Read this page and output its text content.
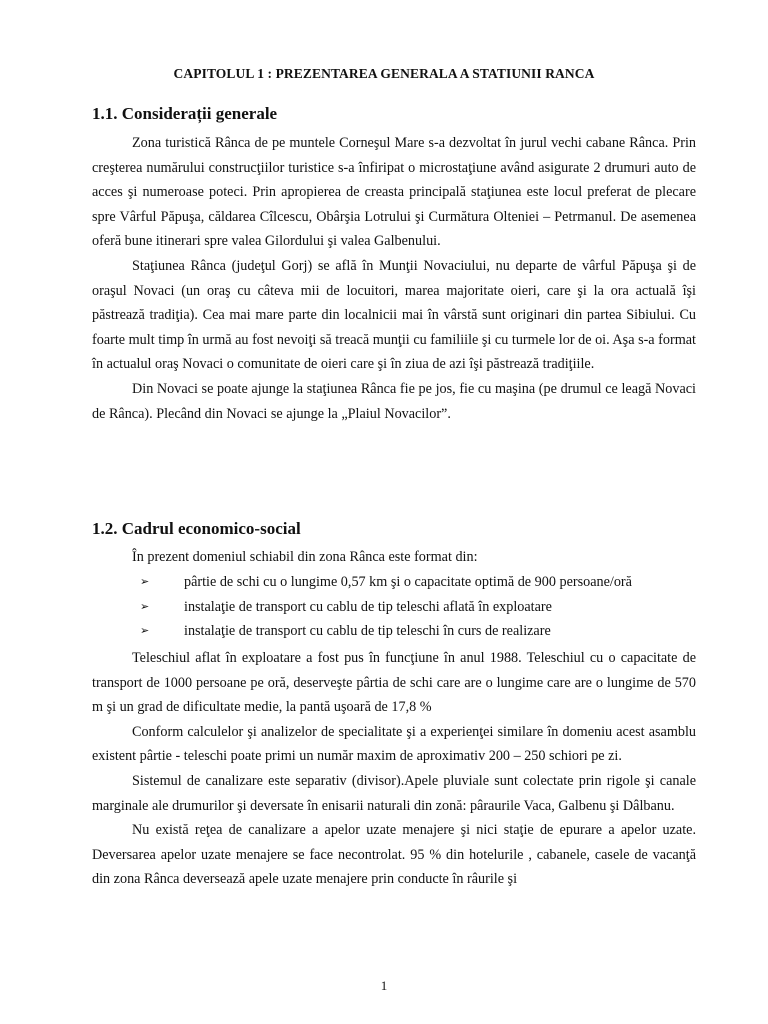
CAPITOLUL 1 : PREZENTAREA GENERALA A STATIUNII RANCA
1.1. Considerații generale

Zona turistică Rânca de pe muntele Corneşul Mare s-a dezvoltat în jurul vechi cabane Rânca. Prin creşterea numărului construcţiilor turistice s-a înfiripat o microstaţiune având asigurate 2 drumuri auto de acces şi numeroase poteci. Prin apropierea de creasta principală staţiunea este locul preferat de plecare spre Vârful Păpuşa, căldarea Cîlcescu, Obârşia Lotrului şi Curmătura Olteniei – Petrmanul. De asemenea oferă bune itinerari spre valea Gilordului şi valea Galbenului.

Staţiunea Rânca (judeţul Gorj) se află în Munţii Novaciului, nu departe de vârful Păpuşa şi de oraşul Novaci (un oraş cu câteva mii de locuitori, marea majoritate oieri, care şi la ora actuală îşi păstrează tradiţia). Cea mai mare parte din localnicii mai în vârstă sunt originari din partea Sibiului. Cu foarte mult timp în urmă au fost nevoiţi să treacă munţii cu familiile şi cu turmele lor de oi. Aşa s-a format în actualul oraş Novaci o comunitate de oieri care şi în ziua de azi îşi păstrează tradiţiile.

Din Novaci se poate ajunge la staţiunea Rânca fie pe jos, fie cu maşina (pe drumul ce leagă Novaci de Rânca). Plecând din Novaci se ajunge la „Plaiul Novacilor”.

1.2. Cadrul economico-social

În prezent domeniul schiabil din zona Rânca este format din:

➢ pârtie de schi cu o lungime 0,57 km şi o capacitate optimă de 900 persoane/oră
➢ instalaţie de transport cu cablu de tip teleschi aflată în exploatare
➢ instalaţie de transport cu cablu de tip teleschi în curs de realizare

Teleschiul aflat în exploatare a fost pus în funcţiune în anul 1988. Teleschiul cu o capacitate de transport de 1000 persoane pe oră, deserveşte pârtia de schi care are o lungime care are o lungime de 570 m şi un grad de dificultate medie, la pantă uşoară de 17,8 %

Conform calculelor şi analizelor de specialitate şi a experienţei similare în domeniu acest asamblu existent pârtie - teleschi poate primi un număr maxim de aproximativ 200 – 250 schiori pe zi.

Sistemul de canalizare este separativ (divisor).Apele pluviale sunt colectate prin rigole şi canale marginale ale drumurilor şi deversate în enisarii naturali din zonă: pâraurile Vaca, Galbenu şi Dâlbanu.

Nu există reţea de canalizare a apelor uzate menajere şi nici staţie de epurare a apelor uzate. Deversarea apelor uzate menajere se face necontrolat. 95 % din hotelurile , cabanele, casele de vacanţă din zona Rânca deversează apele uzate menajere prin conducte în râurile şi

1
